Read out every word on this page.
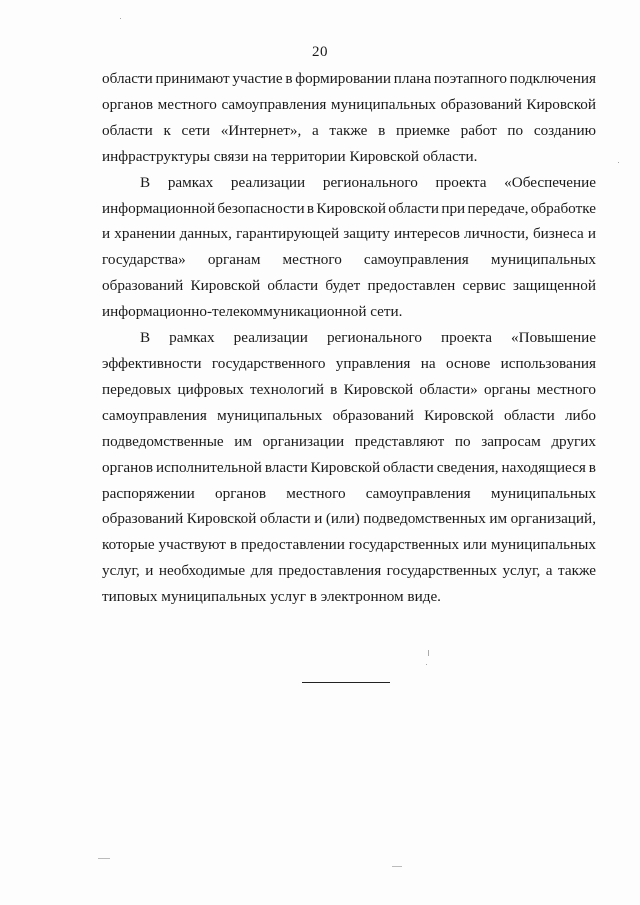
20

области принимают участие в формировании плана поэтапного подключения
органов местного самоуправления муниципальных образований Кировской
области к сети «Интернет», а также в приемке работ по созданию
инфраструктуры связи на территории Кировской области.

В рамках реализации регионального проекта «Обеспечение
информационной безопасности в Кировской области при передаче, обработке
и хранении данных, гарантирующей защиту интересов личности, бизнеса и
государства» органам местного самоуправления муниципальных
образований Кировской области будет предоставлен сервис защищенной
информационно-телекоммуникационной сети.

В рамках реализации регионального проекта «Повышение
эффективности государственного управления на основе использования
передовых цифровых технологий в Кировской области» органы местного
самоуправления муниципальных образований Кировской области либо
подведомственные им организации представляют по запросам других
органов исполнительной власти Кировской области сведения, находящиеся в
распоряжении органов местного самоуправления муниципальных
образований Кировской области и (или) подведомственных им организаций,
которые участвуют в предоставлении государственных или муниципальных
услуг, и необходимые для предоставления государственных услуг, а также
типовых муниципальных услуг в электронном виде.
